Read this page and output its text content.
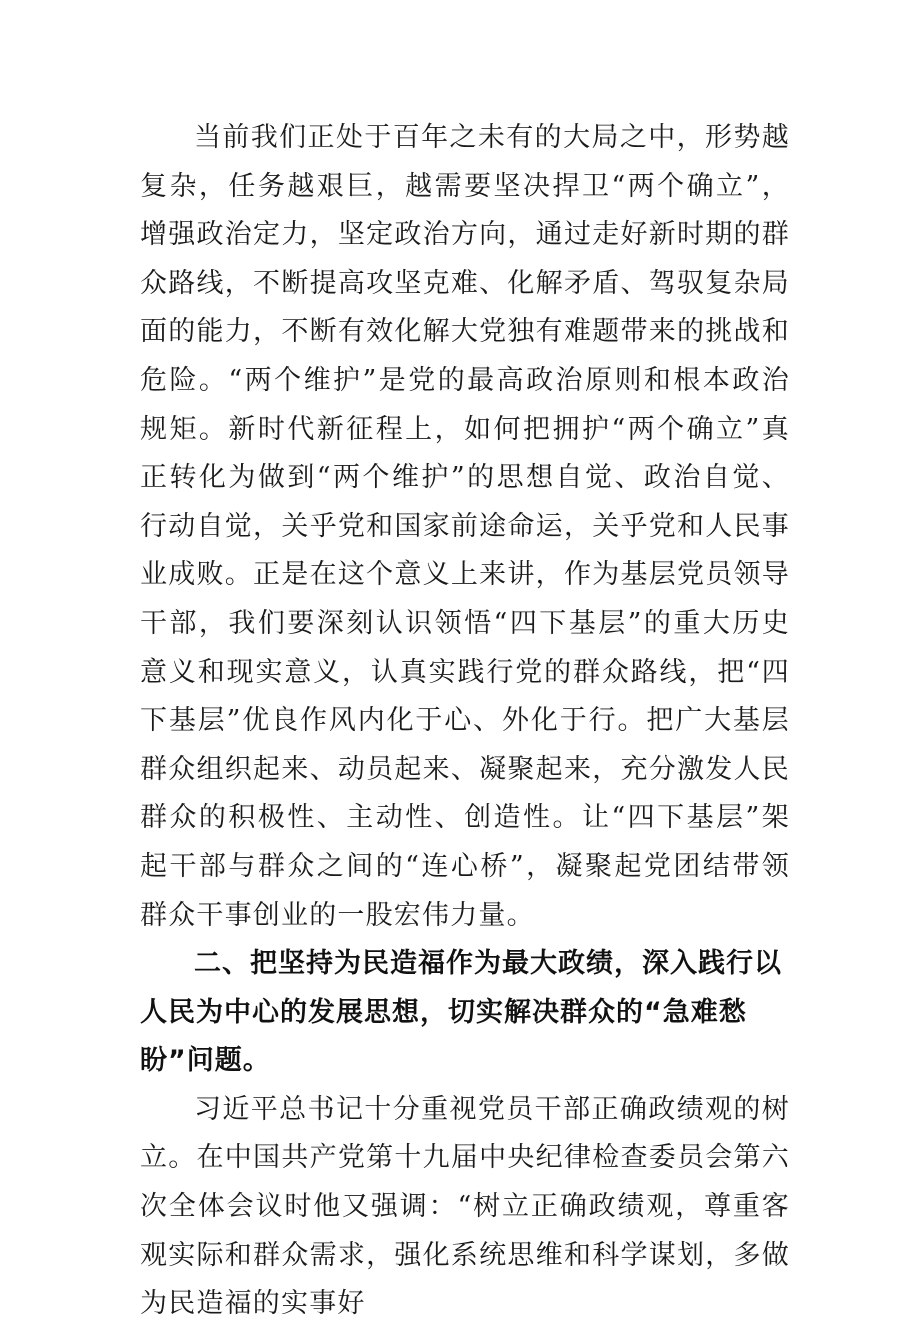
当前我们正处于百年之未有的大局之中，形势越复杂，任务越艰巨，越需要坚决捍卫“两个确立”，增强政治定力，坚定政治方向，通过走好新时期的群众路线，不断提高攻坚克难、化解矛盾、驾驭复杂局面的能力，不断有效化解大党独有难题带来的挑战和危险。“两个维护”是党的最高政治原则和根本政治规矩。新时代新征程上，如何把拥护“两个确立”真正转化为做到“两个维护”的思想自觉、政治自觉、行动自觉，关乎党和国家前途命运，关乎党和人民事业成败。正是在这个意义上来讲，作为基层党员领导干部，我们要深刻认识领悟“四下基层”的重大历史意义和现实意义，认真实践行党的群众路线，把“四下基层”优良作风内化于心、外化于行。把广大基层群众组织起来、动员起来、凝聚起来，充分激发人民群众的积极性、主动性、创造性。让“四下基层”架起干部与群众之间的“连心桥”，凝聚起党团结带领群众干事创业的一股宏伟力量。

二、把坚持为民造福作为最大政绩，深入践行以人民为中心的发展思想，切实解决群众的“急难愁盼”问题。

习近平总书记十分重视党员干部正确政绩观的树立。在中国共产党第十九届中央纪律检查委员会第六次全体会议时他又强调：“树立正确政绩观，尊重客观实际和群众需求，强化系统思维和科学谋划，多做为民造福的实事好
